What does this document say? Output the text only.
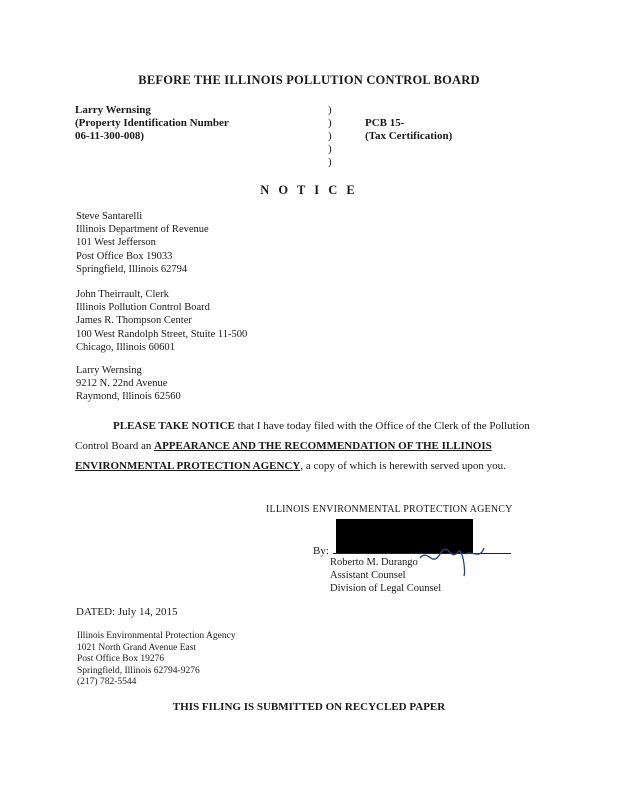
BEFORE THE ILLINOIS POLLUTION CONTROL BOARD
Larry Wernsing
(Property Identification Number
06-11-300-008)
)
)
)
)
)
PCB 15-
(Tax Certification)
N O T I C E
Steve Santarelli
Illinois Department of Revenue
101 West Jefferson
Post Office Box 19033
Springfield, Illinois 62794
John Theirrault, Clerk
Illinois Pollution Control Board
James R. Thompson Center
100 West Randolph Street, Stuite 11-500
Chicago, Illinois 60601
Larry Wernsing
9212 N. 22nd Avenue
Raymond, Illinois 62560
PLEASE TAKE NOTICE that I have today filed with the Office of the Clerk of the Pollution Control Board an APPEARANCE AND THE RECOMMENDATION OF THE ILLINOIS ENVIRONMENTAL PROTECTION AGENCY, a copy of which is herewith served upon you.
ILLINOIS ENVIRONMENTAL PROTECTION AGENCY
By:
Roberto M. Durango
Assistant Counsel
Division of Legal Counsel
DATED: July 14, 2015
Illinois Environmental Protection Agency
1021 North Grand Avenue East
Post Office Box 19276
Springfield, Illinois 62794-9276
(217) 782-5544
THIS FILING IS SUBMITTED ON RECYCLED PAPER
